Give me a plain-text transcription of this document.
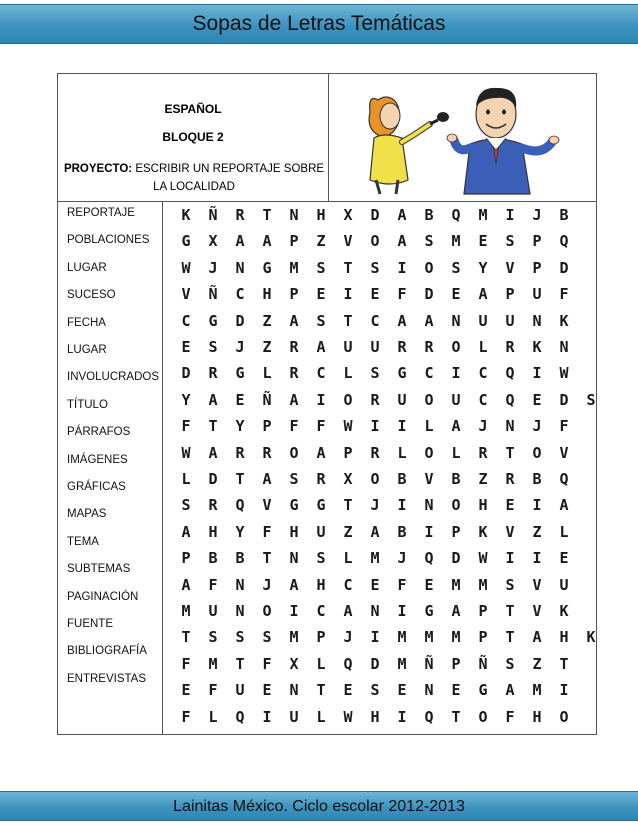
Sopas de Letras Temáticas
ESPAÑOL
BLOQUE 2
PROYECTO: ESCRIBIR UN REPORTAJE SOBRE LA LOCALIDAD
REPORTAJE
POBLACIONES
LUGAR
SUCESO
FECHA
LUGAR
INVOLUCRADOS
TÍTULO
PÁRRAFOS
IMÁGENES
GRÁFICAS
MAPAS
TEMA
SUBTEMAS
PAGINACIÓN
FUENTE
BIBLIOGRAFÍA
ENTREVISTAS
K	Ñ	R	T	N	H	X	D	A	B	Q	M	I	J	B
G	X	A	A	P	Z	V	O	A	S	M	E	S	P	Q
W	J	N	G	M	S	T	S	I	O	S	Y	V	P	D
V	Ñ	C	H	P	E	I	E	F	D	E	A	P	U	F
C	G	D	Z	A	S	T	C	A	A	N	U	U	N	K
E	S	J	Z	R	A	U	U	R	R	O	L	R	K	N
D	R	G	L	R	C	L	S	G	C	I	C	Q	I	W
Y	A	E	Ñ	A	I	O	R	U	O	U	C	Q	E	D	S
F	T	Y	P	F	F	W	I	I	L	A	J	N	J	F
W	A	R	R	O	A	P	R	L	O	L	R	T	O	V
L	D	T	A	S	R	X	O	B	V	B	Z	R	B	Q
S	R	Q	V	G	G	T	J	I	N	O	H	E	I	A
A	H	Y	F	H	U	Z	A	B	I	P	K	V	Z	L
P	B	B	T	N	S	L	M	J	Q	D	W	I	I	E
A	F	N	J	A	H	C	E	F	E	M	M	S	V	U
M	U	N	O	I	C	A	N	I	G	A	P	T	V	K
T	S	S	S	M	P	J	I	M	M	M	P	T	A	H	K
F	M	T	F	X	L	Q	D	M	Ñ	P	Ñ	S	Z	T
E	F	U	E	N	T	E	S	E	N	E	G	A	M	I
F	L	Q	I	U	L	W	H	I	Q	T	O	F	H	O
Lainitas México. Ciclo escolar 2012-2013
